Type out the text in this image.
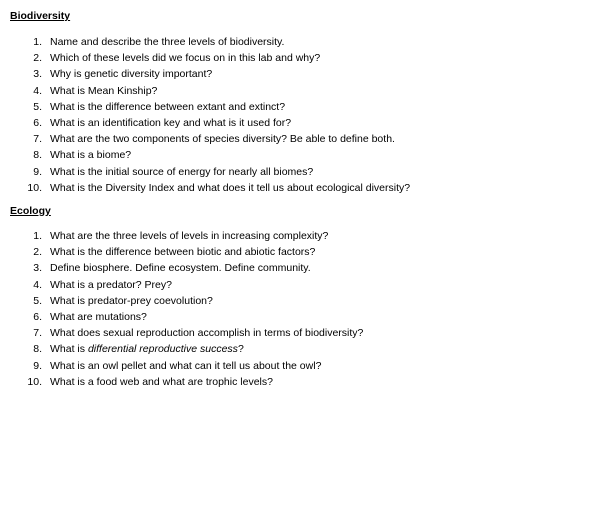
Biodiversity
1. Name and describe the three levels of biodiversity.
2. Which of these levels did we focus on in this lab and why?
3. Why is genetic diversity important?
4. What is Mean Kinship?
5. What is the difference between extant and extinct?
6. What is an identification key and what is it used for?
7. What are the two components of species diversity? Be able to define both.
8. What is a biome?
9. What is the initial source of energy for nearly all biomes?
10. What is the Diversity Index and what does it tell us about ecological diversity?
Ecology
1. What are the three levels of levels in increasing complexity?
2. What is the difference between biotic and abiotic factors?
3. Define biosphere. Define ecosystem. Define community.
4. What is a predator? Prey?
5. What is predator-prey coevolution?
6. What are mutations?
7. What does sexual reproduction accomplish in terms of biodiversity?
8. What is differential reproductive success?
9. What is an owl pellet and what can it tell us about the owl?
10. What is a food web and what are trophic levels?
